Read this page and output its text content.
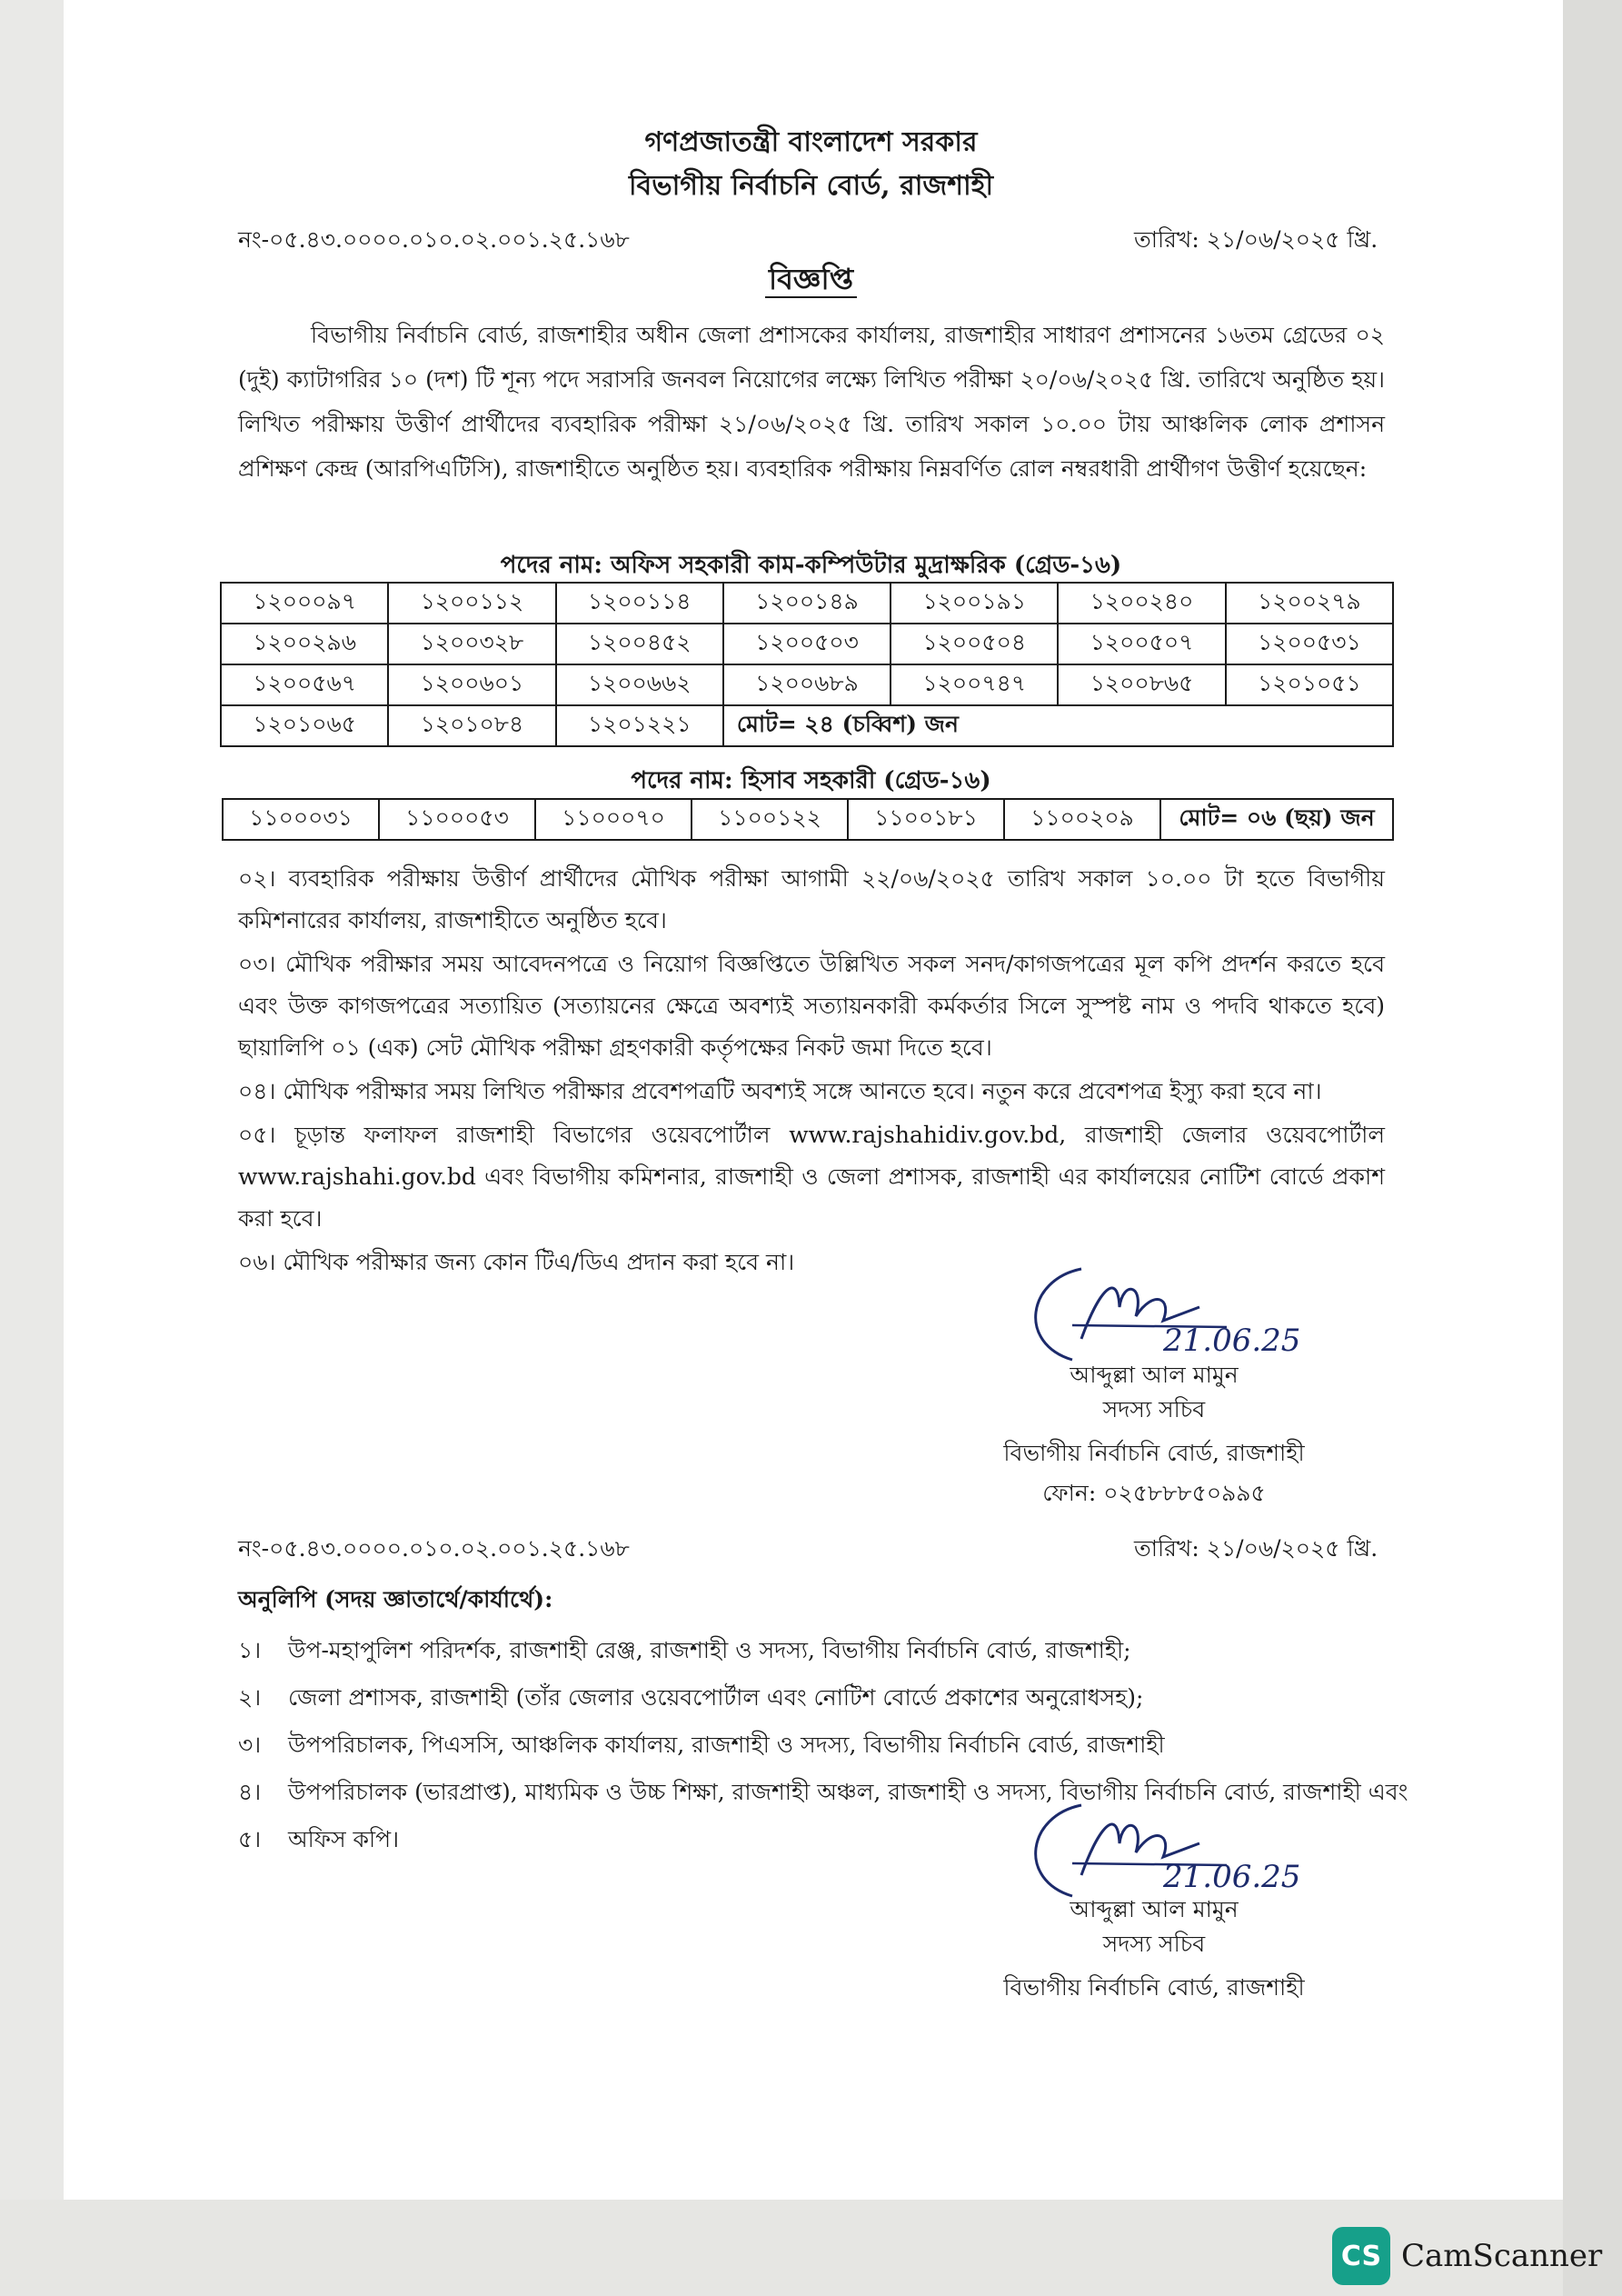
গণপ্রজাতন্ত্রী বাংলাদেশ সরকার
বিভাগীয় নির্বাচনি বোর্ড, রাজশাহী
নং-০৫.৪৩.০০০০.০১০.০২.০০১.২৫.১৬৮	তারিখ: ২১/০৬/২০২৫ খ্রি.
বিজ্ঞপ্তি
বিভাগীয় নির্বাচনি বোর্ড, রাজশাহীর অধীন জেলা প্রশাসকের কার্যালয়, রাজশাহীর সাধারণ প্রশাসনের ১৬তম গ্রেডের ০২ (দুই) ক্যাটাগরির ১০ (দশ) টি শূন্য পদে সরাসরি জনবল নিয়োগের লক্ষ্যে লিখিত পরীক্ষা ২০/০৬/২০২৫ খ্রি. তারিখে অনুষ্ঠিত হয়। লিখিত পরীক্ষায় উত্তীর্ণ প্রার্থীদের ব্যবহারিক পরীক্ষা ২১/০৬/২০২৫ খ্রি. তারিখ সকাল ১০.০০ টায় আঞ্চলিক লোক প্রশাসন প্রশিক্ষণ কেন্দ্র (আরপিএটিসি), রাজশাহীতে অনুষ্ঠিত হয়। ব্যবহারিক পরীক্ষায় নিম্নবর্ণিত রোল নম্বরধারী প্রার্থীগণ উত্তীর্ণ হয়েছেন:
পদের নাম: অফিস সহকারী কাম-কম্পিউটার মুদ্রাক্ষরিক (গ্রেড-১৬)
১২০০০৯৭	১২০০১১২	১২০০১১৪	১২০০১৪৯	১২০০১৯১	১২০০২৪০	১২০০২৭৯
১২০০২৯৬	১২০০৩২৮	১২০০৪৫২	১২০০৫০৩	১২০০৫০৪	১২০০৫০৭	১২০০৫৩১
১২০০৫৬৭	১২০০৬০১	১২০০৬৬২	১২০০৬৮৯	১২০০৭৪৭	১২০০৮৬৫	১২০১০৫১
১২০১০৬৫	১২০১০৮৪	১২০১২২১	মোট= ২৪ (চব্বিশ) জন			
পদের নাম: হিসাব সহকারী (গ্রেড-১৬)
১১০০০৩১	১১০০০৫৩	১১০০০৭০	১১০০১২২	১১০০১৮১	১১০০২০৯	মোট= ০৬ (ছয়) জন

০২। ব্যবহারিক পরীক্ষায় উত্তীর্ণ প্রার্থীদের মৌখিক পরীক্ষা আগামী ২২/০৬/২০২৫ তারিখ সকাল ১০.০০ টা হতে বিভাগীয় কমিশনারের কার্যালয়, রাজশাহীতে অনুষ্ঠিত হবে।

০৩। মৌখিক পরীক্ষার সময় আবেদনপত্রে ও নিয়োগ বিজ্ঞপ্তিতে উল্লিখিত সকল সনদ/কাগজপত্রের মূল কপি প্রদর্শন করতে হবে এবং উক্ত কাগজপত্রের সত্যায়িত (সত্যায়নের ক্ষেত্রে অবশ্যই সত্যায়নকারী কর্মকর্তার সিলে সুস্পষ্ট নাম ও পদবি থাকতে হবে) ছায়ালিপি ০১ (এক) সেট মৌখিক পরীক্ষা গ্রহণকারী কর্তৃপক্ষের নিকট জমা দিতে হবে।

০৪। মৌখিক পরীক্ষার সময় লিখিত পরীক্ষার প্রবেশপত্রটি অবশ্যই সঙ্গে আনতে হবে। নতুন করে প্রবেশপত্র ইস্যু করা হবে না।

০৫। চূড়ান্ত ফলাফল রাজশাহী বিভাগের ওয়েবপোর্টাল www.rajshahidiv.gov.bd, রাজশাহী জেলার ওয়েবপোর্টাল www.rajshahi.gov.bd এবং বিভাগীয় কমিশনার, রাজশাহী ও জেলা প্রশাসক, রাজশাহী এর কার্যালয়ের নোটিশ বোর্ডে প্রকাশ করা হবে।

০৬। মৌখিক পরীক্ষার জন্য কোন টিএ/ডিএ প্রদান করা হবে না।

21.06.25
আব্দুল্লা আল মামুন
সদস্য সচিব
বিভাগীয় নির্বাচনি বোর্ড, রাজশাহী
ফোন: ০২৫৮৮৮৫০৯৯৫
নং-০৫.৪৩.০০০০.০১০.০২.০০১.২৫.১৬৮	তারিখ: ২১/০৬/২০২৫ খ্রি.
অনুলিপি (সদয় জ্ঞাতার্থে/কার্যার্থে):
১।	উপ-মহাপুলিশ পরিদর্শক, রাজশাহী রেঞ্জ, রাজশাহী ও সদস্য, বিভাগীয় নির্বাচনি বোর্ড, রাজশাহী;
২।	জেলা প্রশাসক, রাজশাহী (তাঁর জেলার ওয়েবপোর্টাল এবং নোটিশ বোর্ডে প্রকাশের অনুরোধসহ);
৩।	উপপরিচালক, পিএসসি, আঞ্চলিক কার্যালয়, রাজশাহী ও সদস্য, বিভাগীয় নির্বাচনি বোর্ড, রাজশাহী
৪।	উপপরিচালক (ভারপ্রাপ্ত), মাধ্যমিক ও উচ্চ শিক্ষা, রাজশাহী অঞ্চল, রাজশাহী ও সদস্য, বিভাগীয় নির্বাচনি বোর্ড, রাজশাহী এবং
৫।	অফিস কপি।
21.06.25
আব্দুল্লা আল মামুন
সদস্য সচিব
বিভাগীয় নির্বাচনি বোর্ড, রাজশাহী
CS CamScanner
